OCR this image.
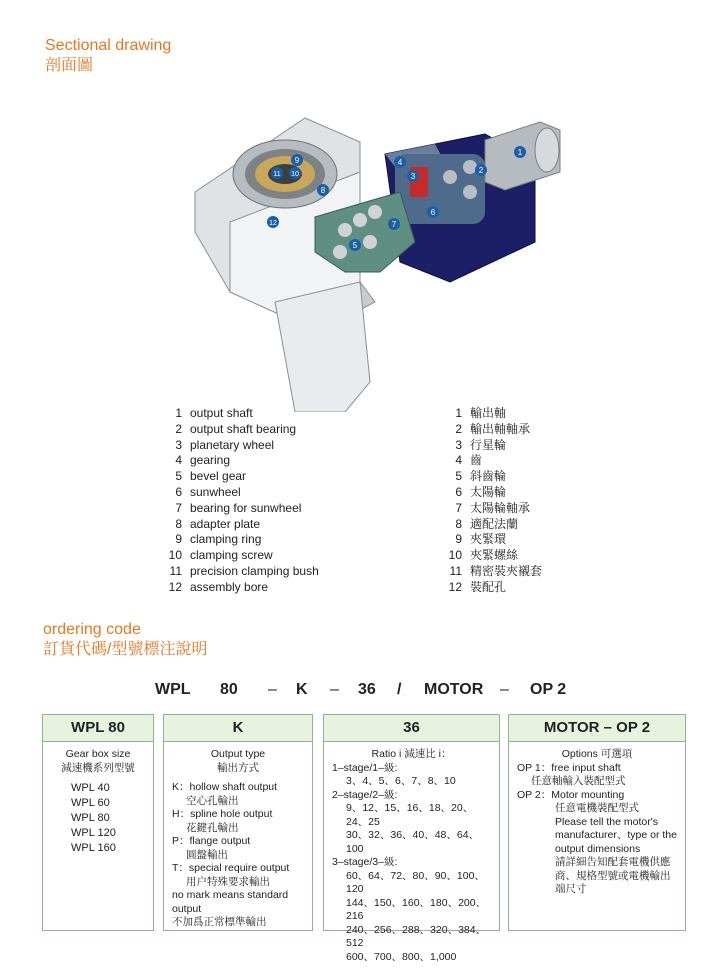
Sectional drawing
剖面圖
1
2
3
4
5
6
7
8
9
10
11
12
1 output shaft
2 output shaft bearing
3 planetary wheel
4 gearing
5 bevel gear
6 sunwheel
7 bearing for sunwheel
8 adapter plate
9 clamping ring
10 clamping screw
11 precision clamping bush
12 assembly bore
1 輸出軸
2 輸出軸軸承
3 行星輪
4 齒
5 斜齒輪
6 太陽輪
7 太陽輪軸承
8 適配法蘭
9 夾緊環
10 夾緊螺絲
11 精密裝夾襯套
12 裝配孔
ordering code
訂貨代碼/型號標注說明
WPL 80 – K – 36 / MOTOR – OP 2
WPL 80
Gear box size
減速機系列型號
WPL 40
WPL 60
WPL 80
WPL 120
WPL 160
K
Output type
輸出方式
K：hollow shaft output
空心孔輸出
H：spline hole output
花鍵孔輸出
P：flange output
圓盤輸出
T：special require output
用户特殊要求輸出
no mark means standard output
不加爲正常標準輸出
36
Ratio i 減速比 i：
1–stage/1–級:
3、4、5、6、7、8、10
2–stage/2–級:
9、12、15、16、18、20、24、25
30、32、36、40、48、64、100
3–stage/3–級:
60、64、72、80、90、100、120
144、150、160、180、200、216
240、256、288、320、384、512
600、700、800、1,000
MOTOR – OP 2
Options 可選項
OP 1：free input shaft
任意軸輸入裝配型式
OP 2：Motor mounting
任意電機裝配型式
Please tell the motor's manufacturer、type or the output dimensions
請詳細告知配套電機供應商、規格型號或電機輸出端尺寸
